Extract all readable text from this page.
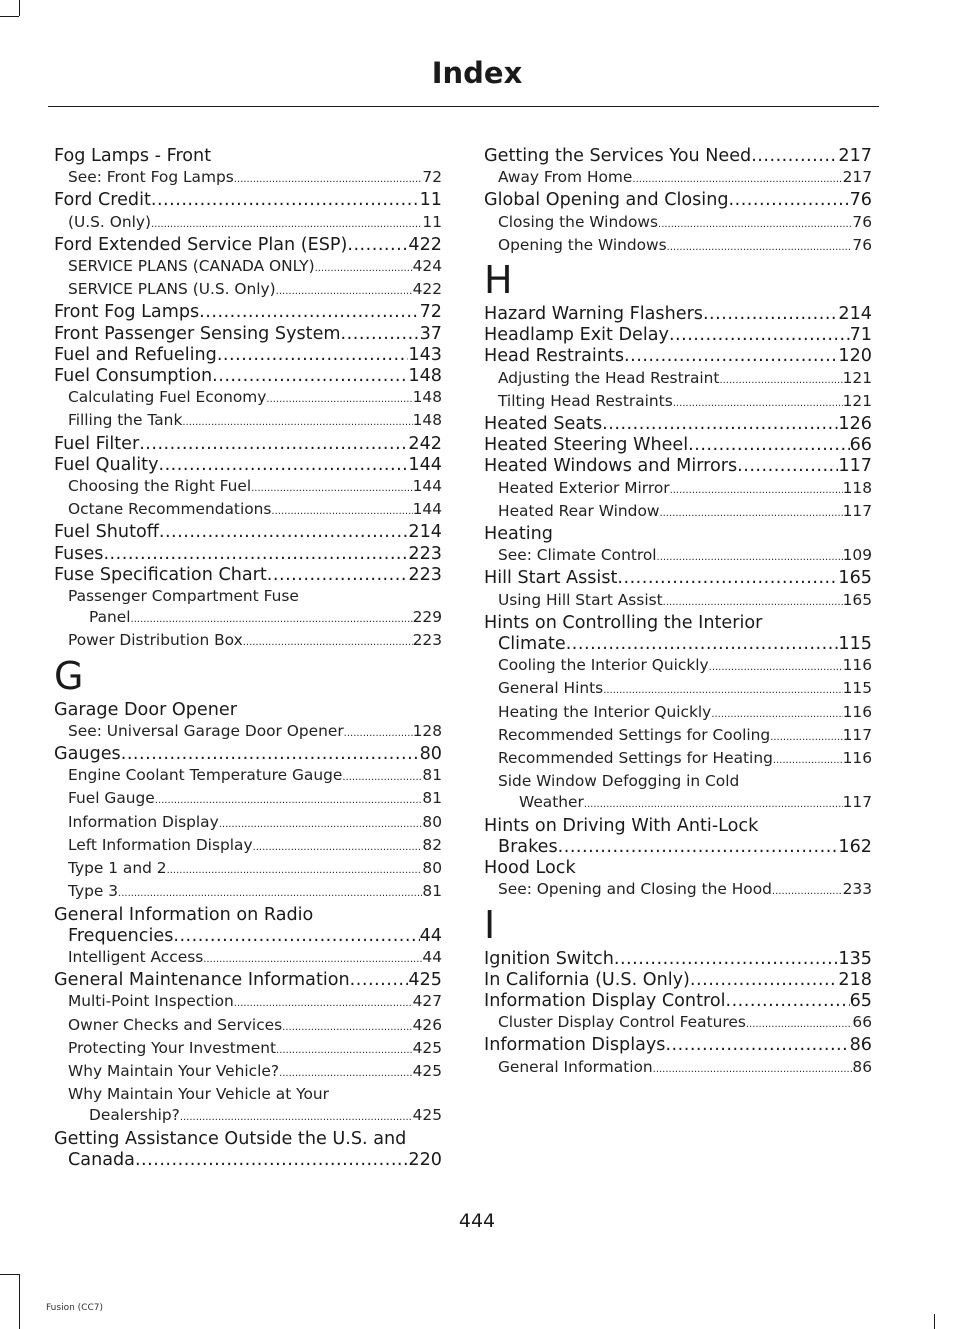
Index
Fog Lamps - Front
See: Front Fog Lamps .....	72
Ford Credit .....	11
(U.S. Only) .....	11
Ford Extended Service Plan (ESP) .....	422
SERVICE PLANS (CANADA ONLY) .....	424
SERVICE PLANS (U.S. Only) .....	422
Front Fog Lamps .....	72
Front Passenger Sensing System .....	37
Fuel and Refueling .....	143
Fuel Consumption .....	148
Calculating Fuel Economy .....	148
Filling the Tank .....	148
Fuel Filter .....	242
Fuel Quality .....	144
Choosing the Right Fuel .....	144
Octane Recommendations .....	144
Fuel Shutoff .....	214
Fuses .....	223
Fuse Specification Chart .....	223
Passenger Compartment Fuse
Panel .....	229
Power Distribution Box .....	223
G
Garage Door Opener
See: Universal Garage Door Opener .....	128
Gauges .....	80
Engine Coolant Temperature Gauge .....	81
Fuel Gauge .....	81
Information Display .....	80
Left Information Display .....	82
Type 1 and 2 .....	80
Type 3 .....	81
General Information on Radio
Frequencies .....	44
Intelligent Access .....	44
General Maintenance Information .....	425
Multi-Point Inspection .....	427
Owner Checks and Services .....	426
Protecting Your Investment .....	425
Why Maintain Your Vehicle? .....	425
Why Maintain Your Vehicle at Your
Dealership? .....	425
Getting Assistance Outside the U.S. and
Canada .....	220
Getting the Services You Need .....	217
Away From Home .....	217
Global Opening and Closing .....	76
Closing the Windows .....	76
Opening the Windows .....	76
H
Hazard Warning Flashers .....	214
Headlamp Exit Delay .....	71
Head Restraints .....	120
Adjusting the Head Restraint .....	121
Tilting Head Restraints .....	121
Heated Seats .....	126
Heated Steering Wheel .....	66
Heated Windows and Mirrors .....	117
Heated Exterior Mirror .....	118
Heated Rear Window .....	117
Heating
See: Climate Control .....	109
Hill Start Assist .....	165
Using Hill Start Assist .....	165
Hints on Controlling the Interior
Climate .....	115
Cooling the Interior Quickly .....	116
General Hints .....	115
Heating the Interior Quickly .....	116
Recommended Settings for Cooling .....	117
Recommended Settings for Heating .....	116
Side Window Defogging in Cold
Weather .....	117
Hints on Driving With Anti-Lock
Brakes .....	162
Hood Lock
See: Opening and Closing the Hood .....	233
I
Ignition Switch .....	135
In California (U.S. Only) .....	218
Information Display Control .....	65
Cluster Display Control Features .....	66
Information Displays .....	86
General Information .....	86
444
Fusion (CC7)
